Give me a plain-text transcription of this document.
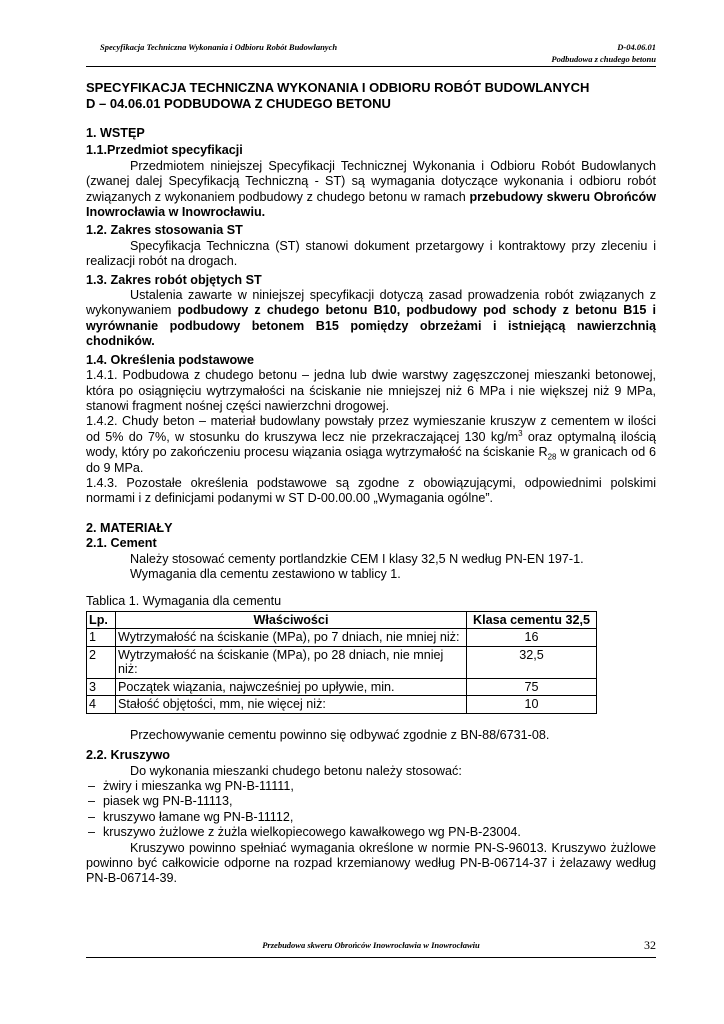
Specyfikacja Techniczna Wykonania i Odbioru Robót Budowlanych	D-04.06.01
Podbudowa z chudego betonu
SPECYFIKACJA TECHNICZNA WYKONANIA I ODBIORU ROBÓT BUDOWLANYCH
D – 04.06.01 PODBUDOWA Z CHUDEGO BETONU
1. WSTĘP
1.1.Przedmiot specyfikacji

Przedmiotem niniejszej Specyfikacji Technicznej Wykonania i Odbioru Robót Budowlanych (zwanej dalej Specyfikacją Techniczną - ST) są wymagania dotyczące wykonania i odbioru robót związanych z wykonaniem podbudowy z chudego betonu w ramach przebudowy skweru Obrońców Inowrocławia w Inowrocławiu.

1.2. Zakres stosowania ST

Specyfikacja Techniczna (ST) stanowi dokument przetargowy i kontraktowy przy zleceniu i realizacji robót na drogach.

1.3. Zakres robót objętych ST

Ustalenia zawarte w niniejszej specyfikacji dotyczą zasad prowadzenia robót związanych z wykonywaniem podbudowy z chudego betonu B10, podbudowy pod schody z betonu B15 i wyrównanie podbudowy betonem B15 pomiędzy obrzeżami i istniejącą nawierzchnią chodników.

1.4. Określenia podstawowe

1.4.1. Podbudowa z chudego betonu – jedna lub dwie warstwy zagęszczonej mieszanki betonowej, która po osiągnięciu wytrzymałości na ściskanie nie mniejszej niż 6 MPa i nie większej niż 9 MPa, stanowi fragment nośnej części nawierzchni drogowej.

1.4.2. Chudy beton – materiał budowlany powstały przez wymieszanie kruszyw z cementem w ilości od 5% do 7%, w stosunku do kruszywa lecz nie przekraczającej 130 $kg/m^3$ oraz optymalną ilością wody, który po zakończeniu procesu wiązania osiąga wytrzymałość na ściskanie $R_{28}$ w granicach od 6 do 9 MPa.

1.4.3. Pozostałe określenia podstawowe są zgodne z obowiązującymi, odpowiednimi polskimi normami i z definicjami podanymi w ST D-00.00.00 „Wymagania ogólne”.

2. MATERIAŁY
2.1. Cement

Należy stosować cementy portlandzkie CEM I klasy 32,5 N według PN-EN 197-1.

Wymagania dla cementu zestawiono w tablicy 1.

Tablica 1. Wymagania dla cementu
Lp.	Właściwości	Klasa cementu 32,5
1	Wytrzymałość na ściskanie (MPa), po 7 dniach, nie mniej niż:	16
2	Wytrzymałość na ściskanie (MPa), po 28 dniach, nie mniej niż:	32,5
3	Początek wiązania, najwcześniej po upływie, min.	75
4	Stałość objętości, mm, nie więcej niż:	10

Przechowywanie cementu powinno się odbywać zgodnie z BN-88/6731-08.

2.2. Kruszywo

Do wykonania mieszanki chudego betonu należy stosować:

– żwiry i mieszanka wg PN-B-11111,
– piasek wg PN-B-11113,
– kruszywo łamane wg PN-B-11112,
– kruszywo żużlowe z żużla wielkopiecowego kawałkowego wg PN-B-23004.

Kruszywo powinno spełniać wymagania określone w normie PN-S-96013. Kruszywo żużlowe powinno być całkowicie odporne na rozpad krzemianowy według PN-B-06714-37 i żelazawy według PN-B-06714-39.

Przebudowa skweru Obrońców Inowrocławia w Inowrocławiu	32
